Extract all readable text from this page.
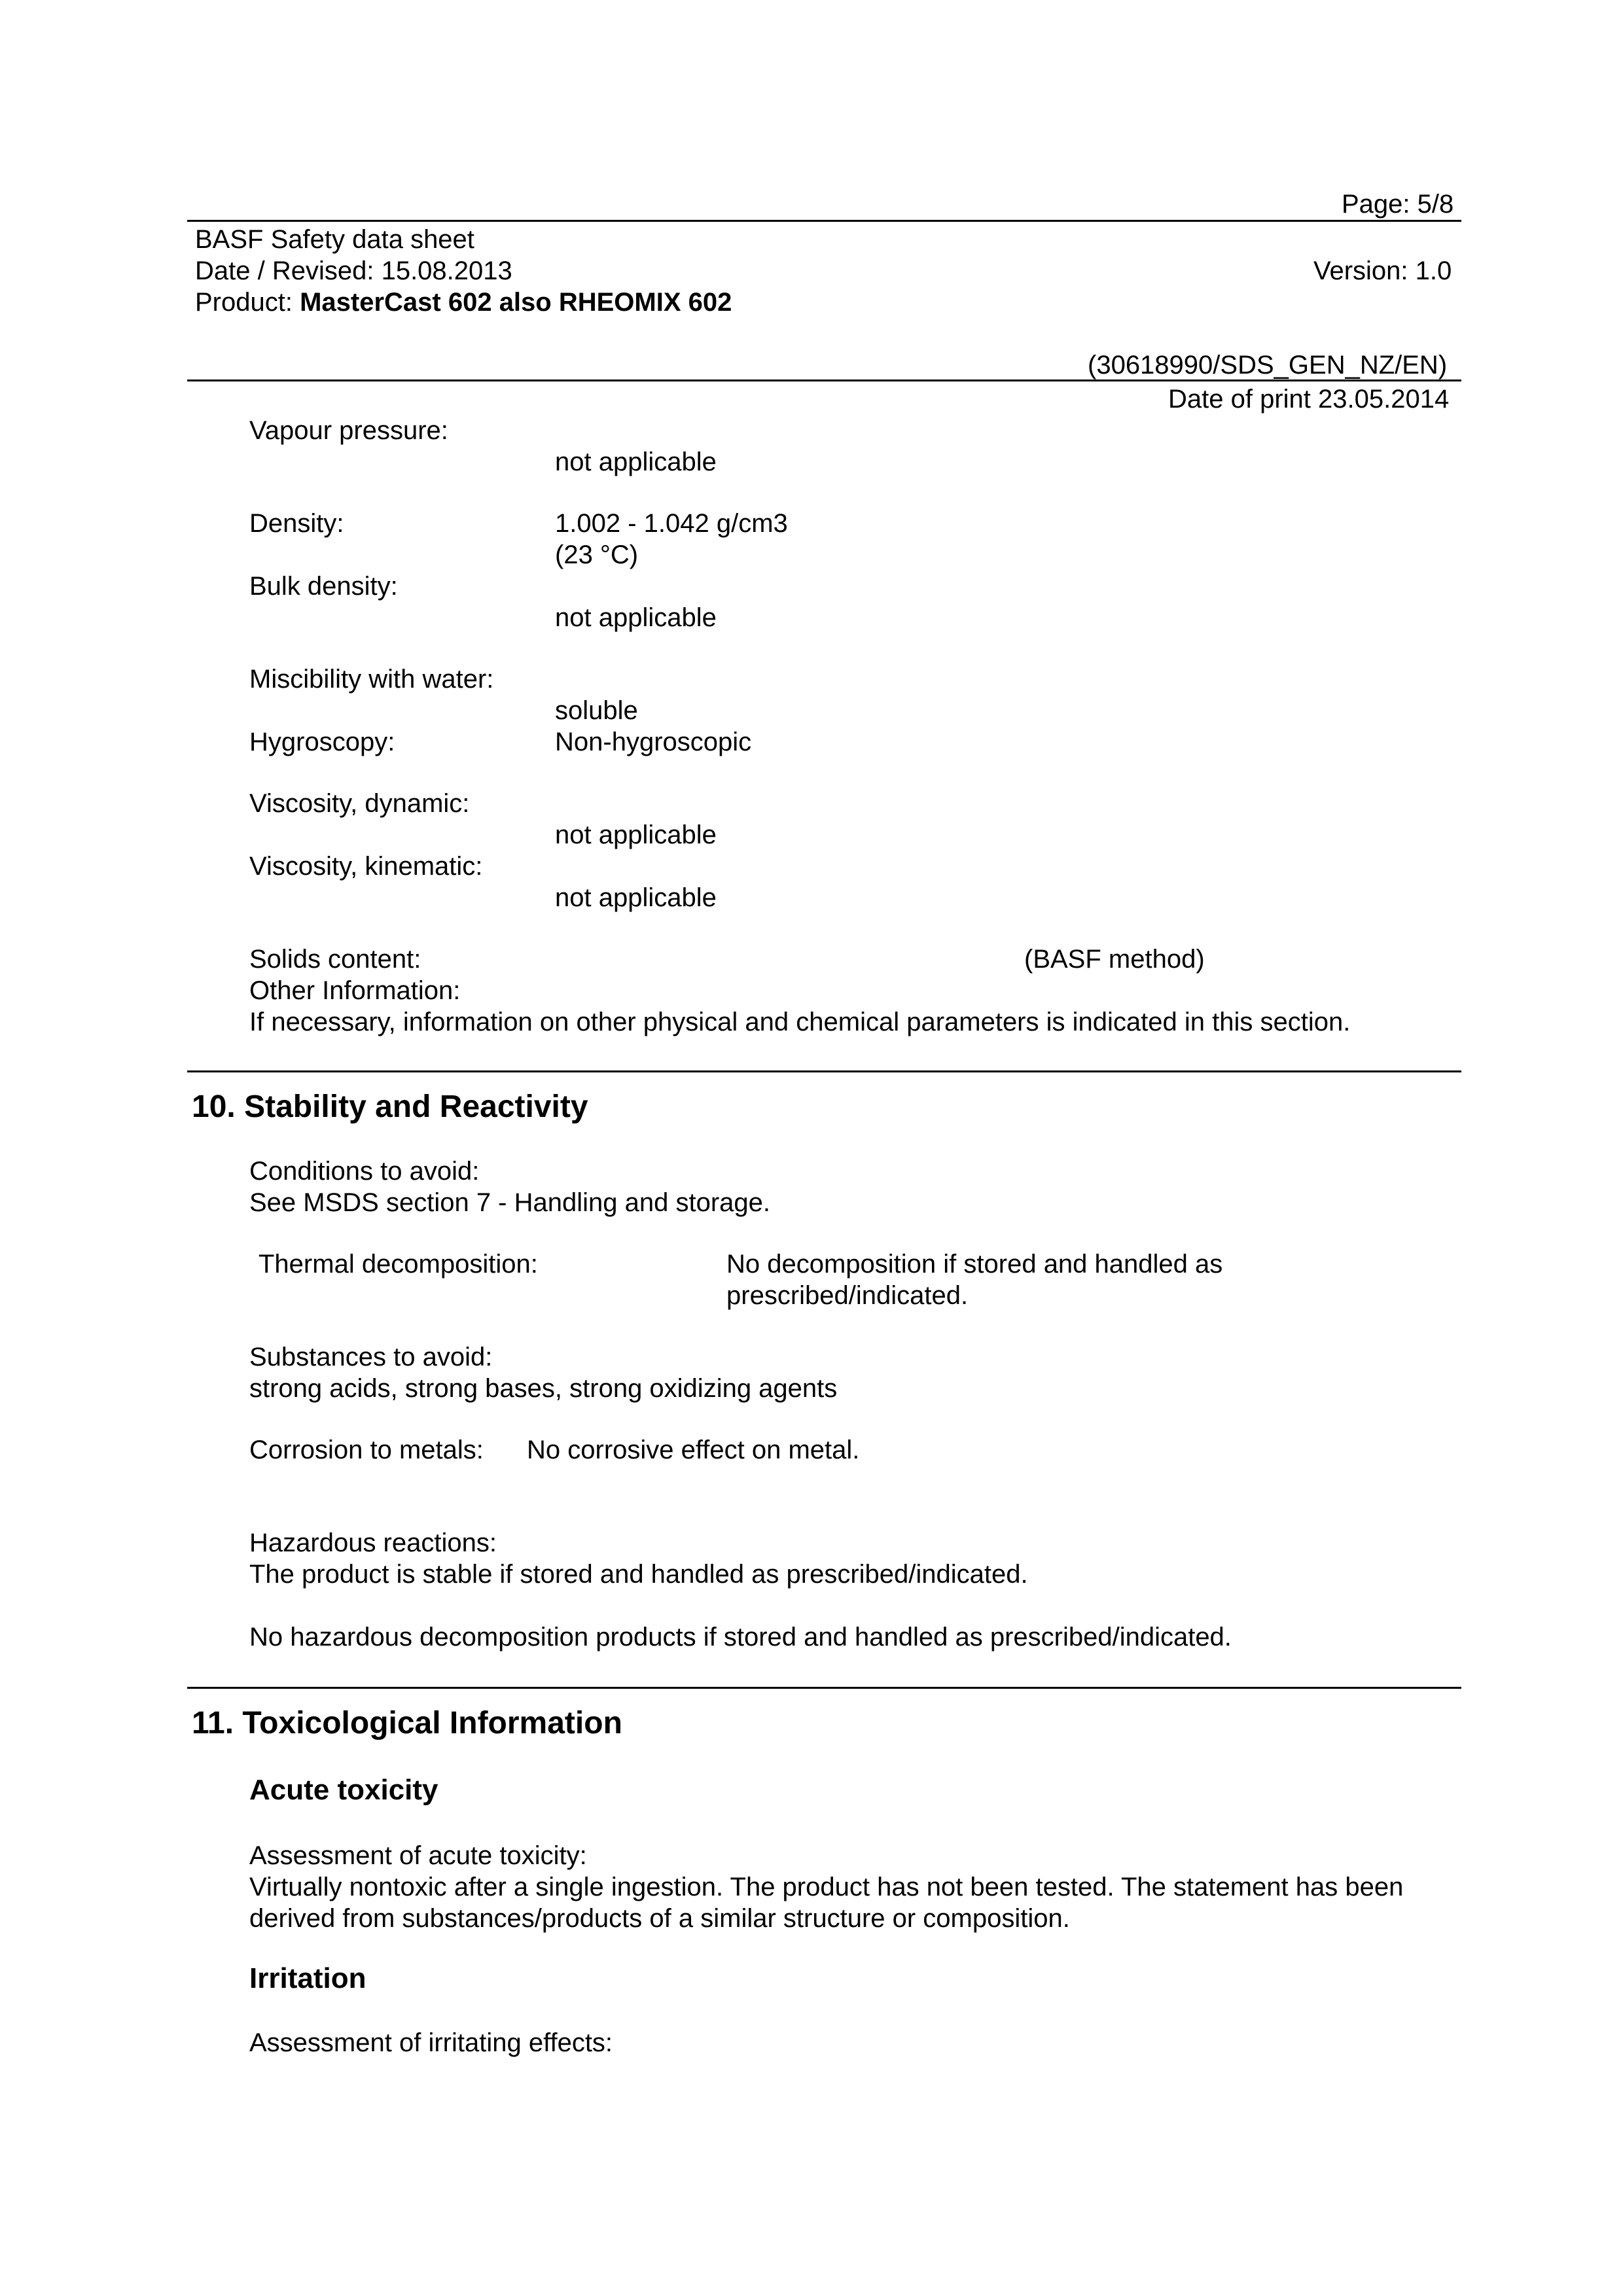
Page: 5/8
BASF Safety data sheet
Date / Revised: 15.08.2013	Version: 1.0
Product: MasterCast 602 also RHEOMIX 602
(30618990/SDS_GEN_NZ/EN)
Date of print 23.05.2014
Vapour pressure:
not applicable
Density:	1.002 - 1.042 g/cm3
(23 °C)
Bulk density:
not applicable
Miscibility with water:
soluble
Hygroscopy:	Non-hygroscopic
Viscosity, dynamic:
not applicable
Viscosity, kinematic:
not applicable
Solids content:	(BASF method)
Other Information:
If necessary, information on other physical and chemical parameters is indicated in this section.
10. Stability and Reactivity
Conditions to avoid:
See MSDS section 7 - Handling and storage.
Thermal decomposition:	No decomposition if stored and handled as
prescribed/indicated.
Substances to avoid:
strong acids, strong bases, strong oxidizing agents
Corrosion to metals: No corrosive effect on metal.
Hazardous reactions:
The product is stable if stored and handled as prescribed/indicated.
No hazardous decomposition products if stored and handled as prescribed/indicated.
11. Toxicological Information
Acute toxicity
Assessment of acute toxicity:
Virtually nontoxic after a single ingestion. The product has not been tested. The statement has been
derived from substances/products of a similar structure or composition.
Irritation
Assessment of irritating effects:
